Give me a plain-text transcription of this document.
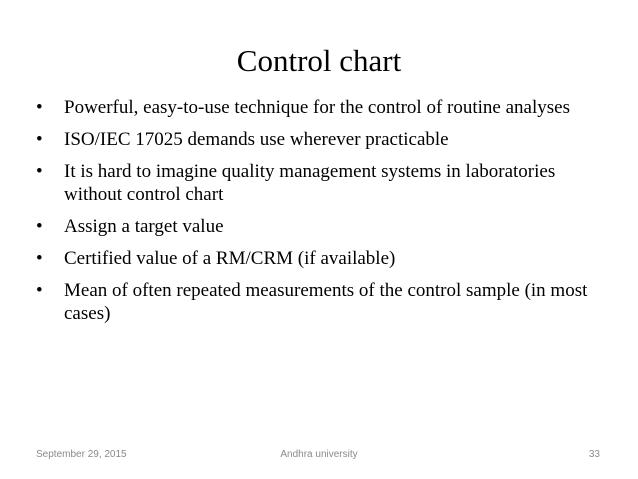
Control chart
•	Powerful, easy-to-use technique for the control of routine analyses
•	ISO/IEC 17025 demands use wherever practicable
•	It is hard to imagine quality management systems in laboratories without control chart
•	Assign a target value
•	Certified value of a RM/CRM (if available)
•	Mean of often repeated measurements of the control sample (in most cases)
September 29, 2015	Andhra university	33
